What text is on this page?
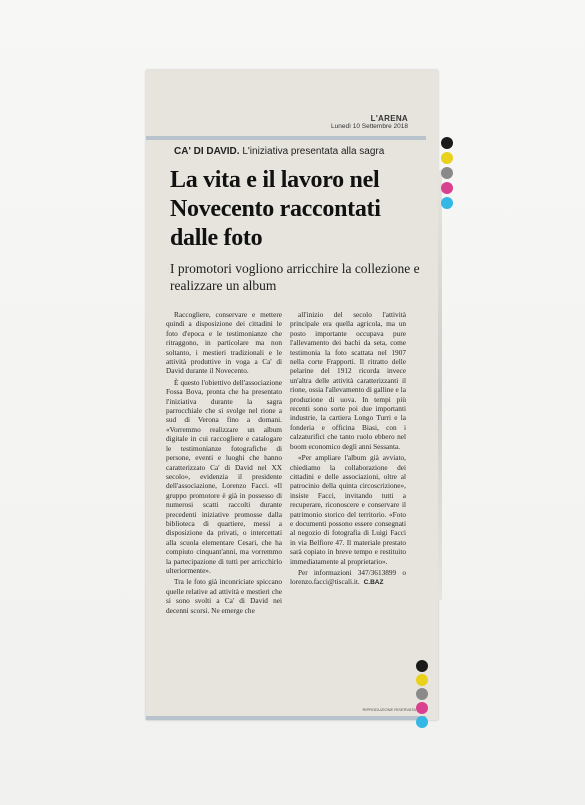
L'ARENA
Lunedì 10 Settembre 2018
CA' DI DAVID. L'iniziativa presentata alla sagra
La vita e il lavoro nel Novecento raccontati dalle foto
I promotori vogliono arricchire la collezione e realizzare un album

Raccogliere, conservare e mettere quindi a disposizione dei cittadini le foto d'epoca e le testimonianze che ritraggono, in particolare ma non soltanto, i mestieri tradizionali e le attività produttive in voga a Ca' di David durante il Novecento.

È questo l'obiettivo dell'associazione Fossa Bova, pronta che ha presentato l'iniziativa durante la sagra parrocchiale che si svolge nel rione a sud di Verona fino a domani. «Vorremmo realizzare un album digitale in cui raccogliere e catalogare le testimonianze fotografiche di persone, eventi e luoghi che hanno caratterizzato Ca' di David nel XX secolo», evidenzia il presidente dell'associazione, Lorenzo Facci. «Il gruppo promotore è già in possesso di numerosi scatti raccolti durante precedenti iniziative promosse dalla biblioteca di quartiere, messi a disposizione da privati, o intercettati alla scuola elementare Cesari, che ha compiuto cinquant'anni, ma vorremmo la partecipazione di tutti per arricchirlo ulteriormente».

Tra le foto già inconriciate spiccano quelle relative ad attività e mestieri che si sono svolti a Ca' di David nei decenni scorsi. Ne emerge che

all'inizio del secolo l'attività principale era quella agricola, ma un posto importante occupava pure l'allevamento dei bachi da seta, come testimonia la foto scattata nel 1907 nella corte Frapporti. Il ritratto delle pelarine del 1912 ricorda invece un'altra delle attività caratterizzanti il rione, ossia l'allevamento di galline e la produzione di uova. In tempi più recenti sono sorte poi due importanti industrie, la cartiera Longo Turri e la fonderia e officina Biasi, con i calzaturifici che tanto ruolo ebbero nel boom economico degli anni Sessanta.

«Per ampliare l'album già avviato, chiediamo la collaborazione dei cittadini e delle associazioni, oltre al patrocinio della quinta circoscrizione», insiste Facci, invitando tutti a recuperare, riconoscere e conservare il patrimonio storico del territorio. «Foto e documenti possono essere consegnati al negozio di fotografia di Luigi Facci in via Belfiore 47. Il materiale prestato sarà copiato in breve tempo e restituito immediatamente al proprietario».

Per informazioni 347/3613899 o lorenzo.facci@tiscali.it. C.BAZ

RIPRODUZIONE RISERVATA
